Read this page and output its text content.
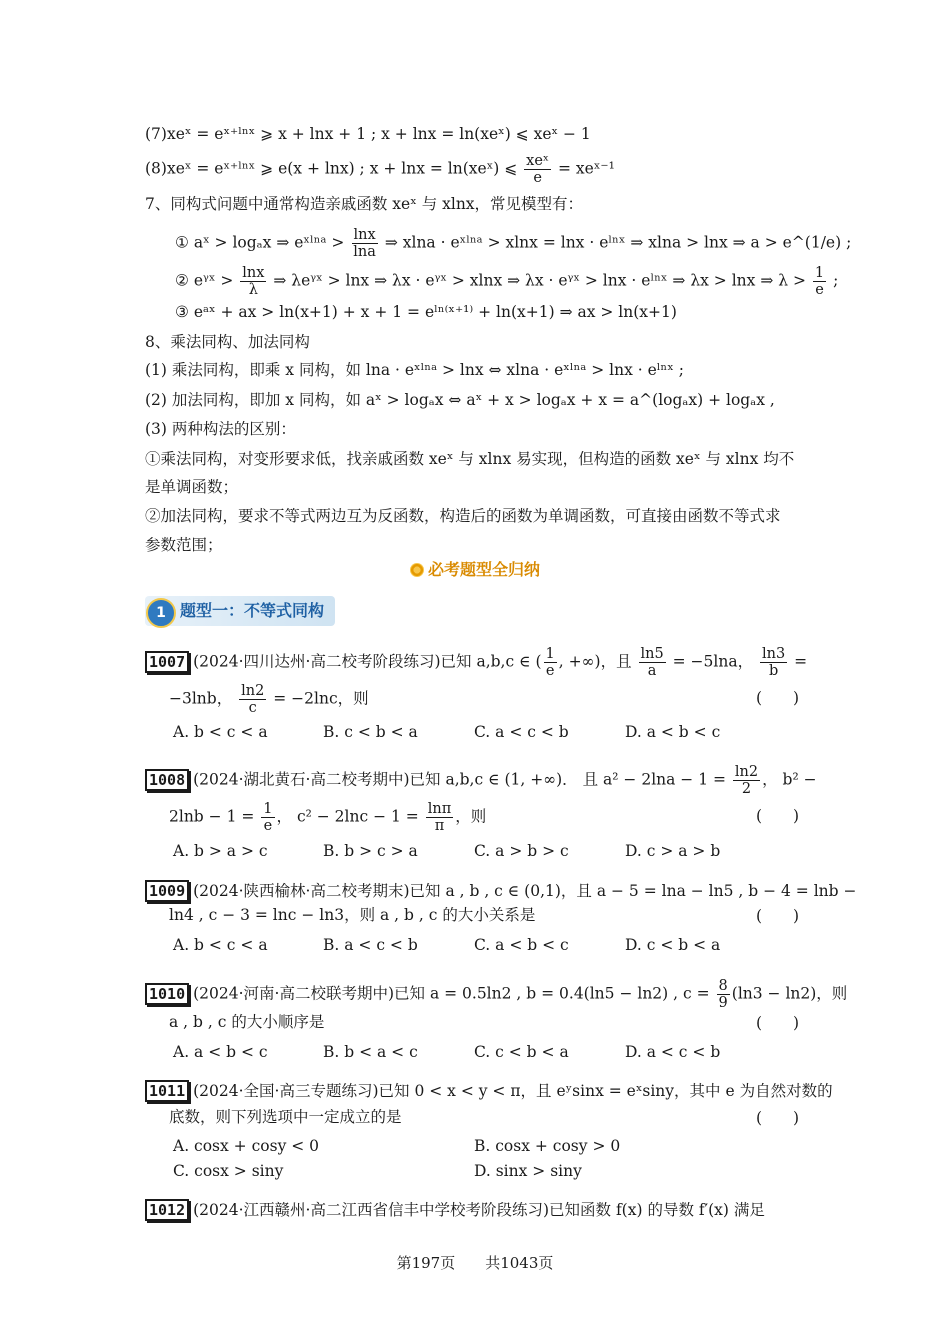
(7)xeˣ = eˣ⁺ˡⁿˣ ⩾ x + lnx + 1 ; x + lnx = ln(xeˣ) ⩽ xeˣ − 1
(8)xeˣ = eˣ⁺ˡⁿˣ ⩾ e(x + lnx) ; x + lnx = ln(xeˣ) ⩽ $\frac{\text{xeˣ}}{e}$ = xeˣ⁻¹
7、同构式问题中通常构造亲戚函数 xeˣ 与 xlnx，常见模型有：
① aˣ > logₐx ⇒ eˣˡⁿᵃ > $\frac{\ln x}{\ln a}$ ⇒ xlna · eˣˡⁿᵃ > xlnx = lnx · eˡⁿˣ ⇒ xlna > lnx ⇒ a > e^(1/e) ;
② eᵞˣ > $\frac{\ln x}{\lambda}$ ⇒ λeᵞˣ > lnx ⇒ λx · eᵞˣ > xlnx ⇒ λx · eᵞˣ > lnx · eˡⁿˣ ⇒ λx > lnx ⇒ $\lambda > \frac{1}{e}$ ;
③ eᵃˣ + ax > ln(x+1) + x + 1 = eˡⁿ⁽ˣ⁺¹⁾ + ln(x+1) ⇒ ax > ln(x+1)
8、乘法同构、加法同构
(1) 乘法同构，即乘 x 同构，如 lna · eˣˡⁿᵃ > lnx ⇔ xlna · eˣˡⁿᵃ > lnx · eˡⁿˣ ;
(2) 加法同构，即加 x 同构，如 aˣ > logₐx ⇔ aˣ + x > logₐx + x = a^(logₐx) + logₐx ,
(3) 两种构法的区别：
①乘法同构，对变形要求低，找亲戚函数 xeˣ 与 xlnx 易实现，但构造的函数 xeˣ 与 xlnx 均不
是单调函数；
②加法同构，要求不等式两边互为反函数，构造后的函数为单调函数，可直接由函数不等式求
参数范围；
必考题型全归纳
1 题型一：不等式同构
1007 (2024·四川达州·高二校考阶段练习)已知 a,b,c ∈ ( $\frac{1}{e}$ , +∞)，且 $\frac{\ln 5}{a} = -5\ln a$， $\frac{\ln 3}{b}$ =
−3lnb， $\frac{\ln 2}{c} = -2\ln c$，则	(　　)
A. b < c < a	B. c < b < a	C. a < c < b	D. a < b < c
1008 (2024·湖北黄石·高二校考期中)已知 a,b,c ∈ (1, +∞)． 且 $a^2 - 2\ln a - 1 = \frac{\ln 2}{2}$ ， b² −
$2\ln b - 1 = \frac{1}{e}$ ， $c^2 - 2\ln c - 1 = \frac{\ln\pi}{\pi}$ ，则	(　　)
A. b > a > c	B. b > c > a	C. a > b > c	D. c > a > b
1009 (2024·陕西榆林·高二校考期末)已知 a , b , c ∈ (0,1)，且 a − 5 = lna − ln5 , b − 4 = lnb −
ln4 , c − 3 = lnc − ln3，则 a , b , c 的大小关系是	(　　)
A. b < c < a	B. a < c < b	C. a < b < c	D. c < b < a
1010 (2024·河南·高二校联考期中)已知 a = 0.5ln2 , b = 0.4(ln5 − ln2) , $c = \frac{8}{9} (\ln 3 - \ln 2)$，则
a , b , c 的大小顺序是	(　　)
A. a < b < c	B. b < a < c	C. c < b < a	D. a < c < b
1011 (2024·全国·高三专题练习)已知 0 < x < y < π，且 eʸsinx = eˣsiny，其中 e 为自然对数的
底数，则下列选项中一定成立的是	(　　)
A. cosx + cosy < 0	B. cosx + cosy > 0
C. cosx > siny	D. sinx > siny
1012 (2024·江西赣州·高二江西省信丰中学校考阶段练习)已知函数 f(x) 的导数 f′(x) 满足
第197页　　共1043页
